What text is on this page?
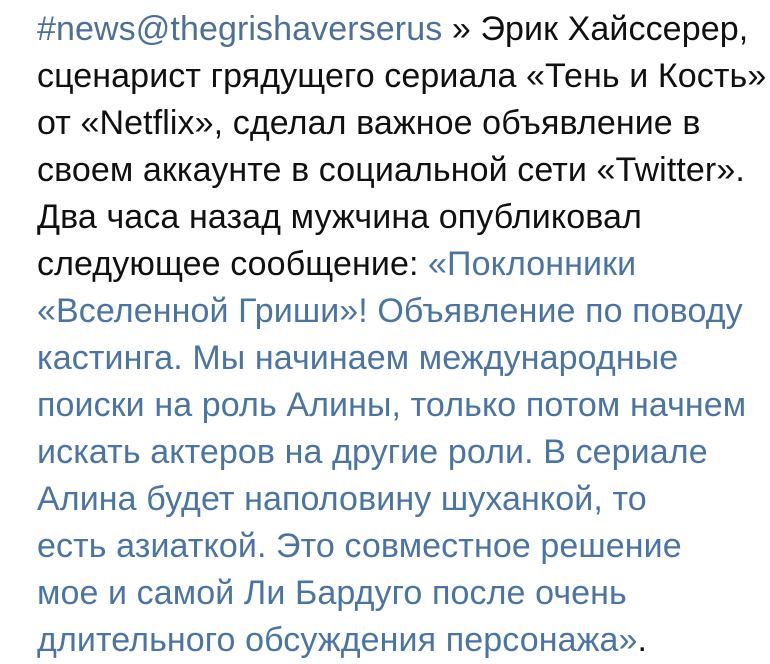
#news@thegrishaverserus » Эрик Хайссерер,
сценарист грядущего сериала «Тень и Кость»
от «Netflix», сделал важное объявление в
своем аккаунте в социальной сети «Twitter».
Два часа назад мужчина опубликовал
следующее сообщение: «Поклонники
«Вселенной Гриши»! Объявление по поводу
кастинга. Мы начинаем международные
поиски на роль Алины, только потом начнем
искать актеров на другие роли. В сериале
Алина будет наполовину шуханкой, то
есть азиаткой. Это совместное решение
мое и самой Ли Бардуго после очень
длительного обсуждения персонажа».
